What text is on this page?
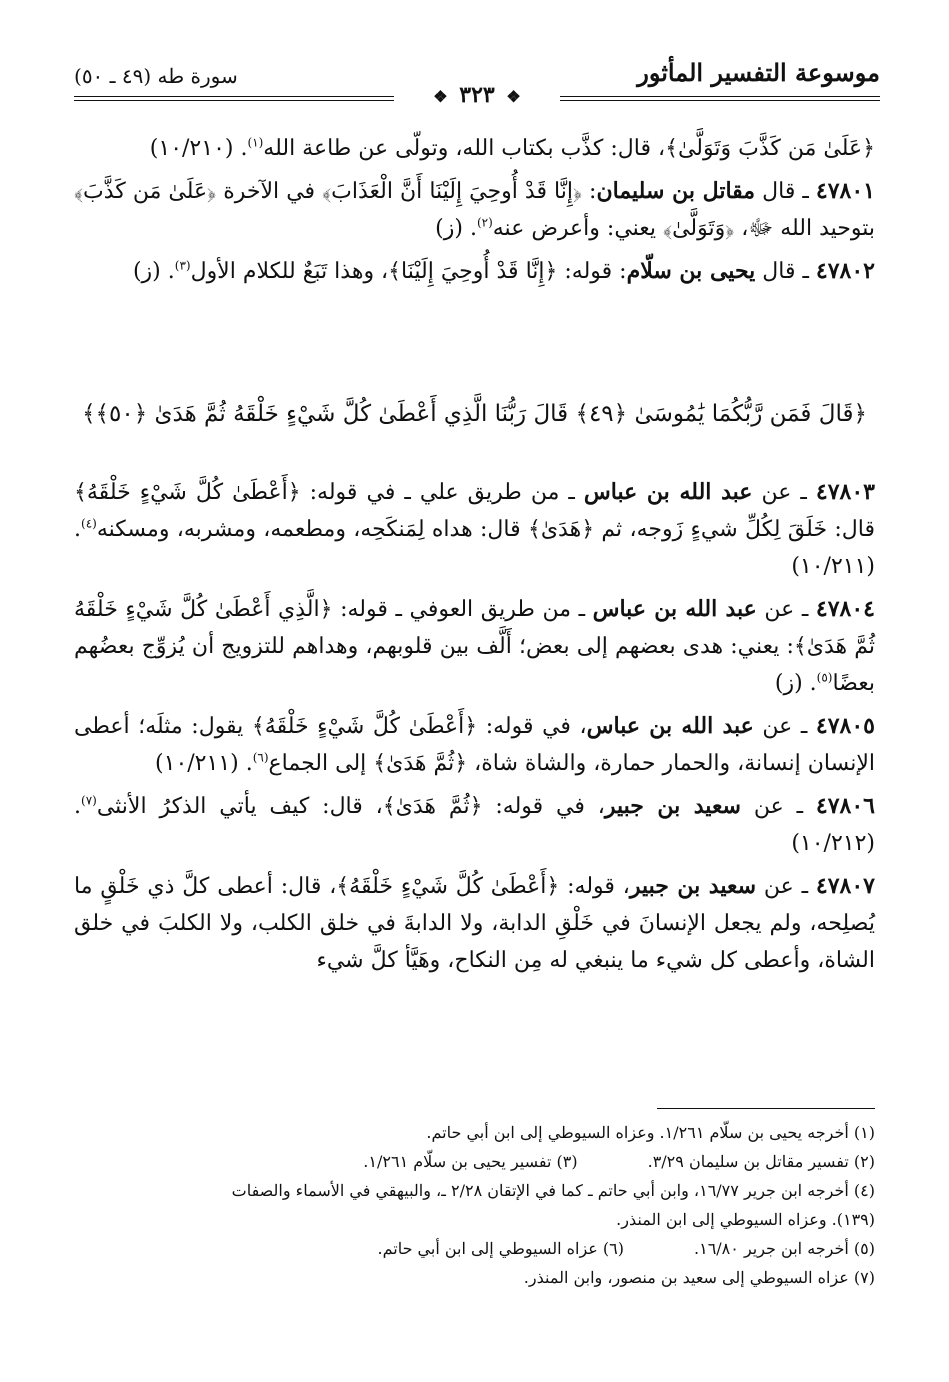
موسوعة التفسير المأثور
سورة طه (٤٩ ـ ٥٠)
❖ ٣٢٣ ❖

﴿عَلَىٰ مَن كَذَّبَ وَتَوَلَّىٰ﴾، قال: كذَّب بكتاب الله، وتولّى عن طاعة الله$^{(١)}$. (١٠/٢١٠)

٤٧٨٠١ ـ قال مقاتل بن سليمان: ﴿إِنَّا قَدْ أُوحِيَ إِلَيْنَا أَنَّ الْعَذَابَ﴾ في الآخرة ﴿عَلَىٰ مَن كَذَّبَ﴾ بتوحيد الله ﷻ، ﴿وَتَوَلَّىٰ﴾ يعني: وأعرض عنه$^{(٢)}$. (ز)

٤٧٨٠٢ ـ قال يحيى بن سلّام: قوله: ﴿إِنَّا قَدْ أُوحِيَ إِلَيْنَا﴾، وهذا تَبَعٌ للكلام الأول$^{(٣)}$. (ز)

﴿قَالَ فَمَن رَّبُّكُمَا يَٰمُوسَىٰ ﴿٤٩﴾ قَالَ رَبُّنَا الَّذِي أَعْطَىٰ كُلَّ شَيْءٍ خَلْقَهُ ثُمَّ هَدَىٰ ﴿٥٠﴾﴾

٤٧٨٠٣ ـ عن عبد الله بن عباس ـ من طريق علي ـ في قوله: ﴿أَعْطَىٰ كُلَّ شَيْءٍ خَلْقَهُ﴾ قال: خَلَقَ لِكُلِّ شيءٍ زَوجه، ثم ﴿هَدَىٰ﴾ قال: هداه لِمَنكَحِه، ومطعمه، ومشربه، ومسكنه$^{(٤)}$. (١٠/٢١١)

٤٧٨٠٤ ـ عن عبد الله بن عباس ـ من طريق العوفي ـ قوله: ﴿الَّذِي أَعْطَىٰ كُلَّ شَيْءٍ خَلْقَهُ ثُمَّ هَدَىٰ﴾: يعني: هدى بعضهم إلى بعض؛ أَلَّف بين قلوبهم، وهداهم للتزويج أن يُزوِّج بعضُهم بعضًا$^{(٥)}$. (ز)

٤٧٨٠٥ ـ عن عبد الله بن عباس، في قوله: ﴿أَعْطَىٰ كُلَّ شَيْءٍ خَلْقَهُ﴾ يقول: مثلَه؛ أعطى الإنسان إنسانة، والحمار حمارة، والشاة شاة، ﴿ثُمَّ هَدَىٰ﴾ إلى الجماع$^{(٦)}$. (١٠/٢١١)

٤٧٨٠٦ ـ عن سعيد بن جبير، في قوله: ﴿ثُمَّ هَدَىٰ﴾، قال: كيف يأتي الذكرُ الأنثى$^{(٧)}$. (١٠/٢١٢)

٤٧٨٠٧ ـ عن سعيد بن جبير، قوله: ﴿أَعْطَىٰ كُلَّ شَيْءٍ خَلْقَهُ﴾، قال: أعطى كلَّ ذي خَلْقٍ ما يُصلِحه، ولم يجعل الإنسانَ في خَلْقِ الدابة، ولا الدابةَ في خلق الكلب، ولا الكلبَ في خلق الشاة، وأعطى كل شيء ما ينبغي له مِن النكاح، وهَيَّأ كلَّ شيء

(١) أخرجه يحيى بن سلّام ١/٢٦١. وعزاه السيوطي إلى ابن أبي حاتم.
(٢) تفسير مقاتل بن سليمان ٣/٢٩.
(٣) تفسير يحيى بن سلّام ١/٢٦١.
(٤) أخرجه ابن جرير ١٦/٧٧، وابن أبي حاتم ـ كما في الإتقان ٢/٢٨ ـ، والبيهقي في الأسماء والصفات
(١٣٩). وعزاه السيوطي إلى ابن المنذر.
(٥) أخرجه ابن جرير ١٦/٨٠.
(٦) عزاه السيوطي إلى ابن أبي حاتم.
(٧) عزاه السيوطي إلى سعيد بن منصور، وابن المنذر.
